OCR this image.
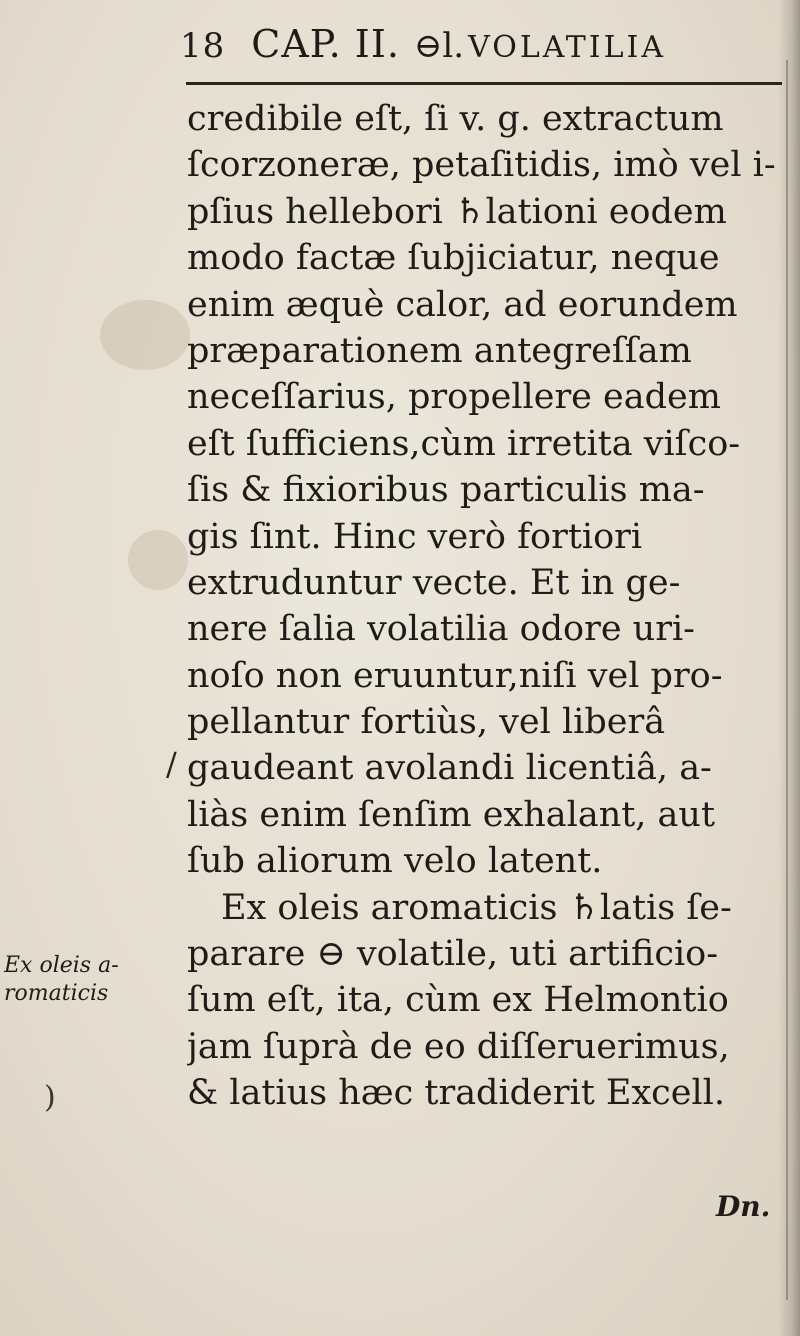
18 CAP. II. ⊖l. VOLATILIA
credibile eſt, ſi v. g. extractum
ſcorzoneræ, petaſitidis, imò vel i-
pſius hellebori ♄lationi eodem
modo factæ ſubjiciatur, neque
enim æquè calor, ad eorundem
præparationem antegreſſam
neceſſarius, propellere eadem
eſt ſufficiens,cùm irretita viſco-
ſis & fixioribus particulis ma-
gis ſint. Hinc verò fortiori
extruduntur vecte. Et in ge-
nere ſalia volatilia odore uri-
noſo non eruuntur,niſi vel pro-
pellantur fortiùs, vel liberâ
gaudeant avolandi licentiâ, a-
liàs enim ſenſim exhalant, aut
ſub aliorum velo latent.
Ex oleis aromaticis ♄latis ſe-
parare ⊖ volatile, uti artificio-
ſum eſt, ita, cùm ex Helmontio
jam ſuprà de eo diſſeruerimus,
& latius hæc tradiderit Excell.
Ex oleis a-
romaticis
/
)
Dn.
